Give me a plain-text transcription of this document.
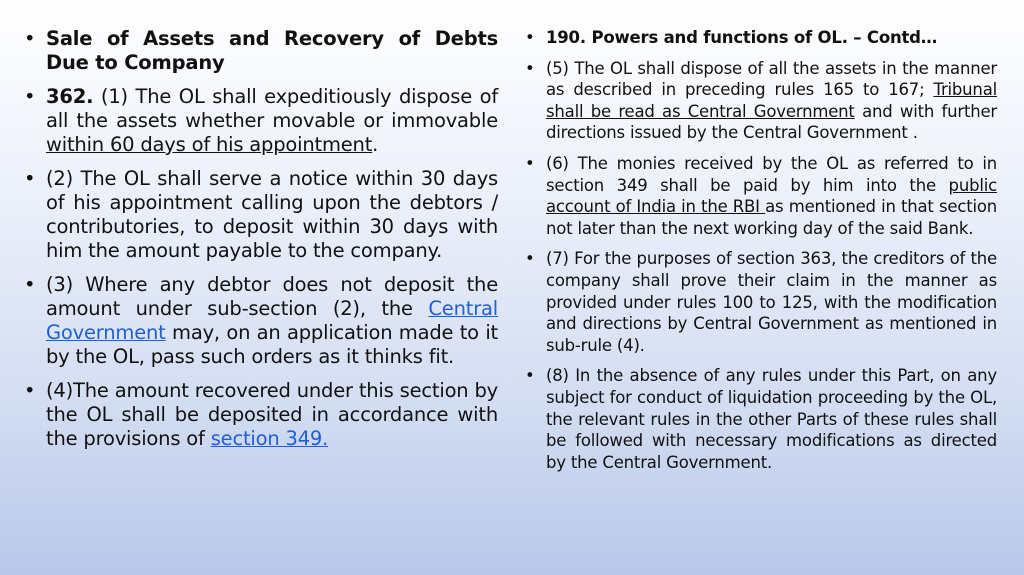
• Sale of Assets and Recovery of Debts Due to Company
• 362. (1) The OL shall expeditiously dispose of all the assets whether movable or immovable within 60 days of his appointment.
• (2) The OL shall serve a notice within 30 days of his appointment calling upon the debtors / contributories, to deposit within 30 days with him the amount payable to the company.
• (3) Where any debtor does not deposit the amount under sub-section (2), the Central Government may, on an application made to it by the OL, pass such orders as it thinks fit.
• (4)The amount recovered under this section by the OL shall be deposited in accordance with the provisions of section 349.
• 190. Powers and functions of OL. – Contd…
• (5) The OL shall dispose of all the assets in the manner as described in preceding rules 165 to 167; Tribunal shall be read as Central Government and with further directions issued by the Central Government .
• (6) The monies received by the OL as referred to in section 349 shall be paid by him into the public account of India in the RBI as mentioned in that section not later than the next working day of the said Bank.
• (7) For the purposes of section 363, the creditors of the company shall prove their claim in the manner as provided under rules 100 to 125, with the modification and directions by Central Government as mentioned in sub-rule (4).
• (8) In the absence of any rules under this Part, on any subject for conduct of liquidation proceeding by the OL, the relevant rules in the other Parts of these rules shall be followed with necessary modifications as directed by the Central Government.
